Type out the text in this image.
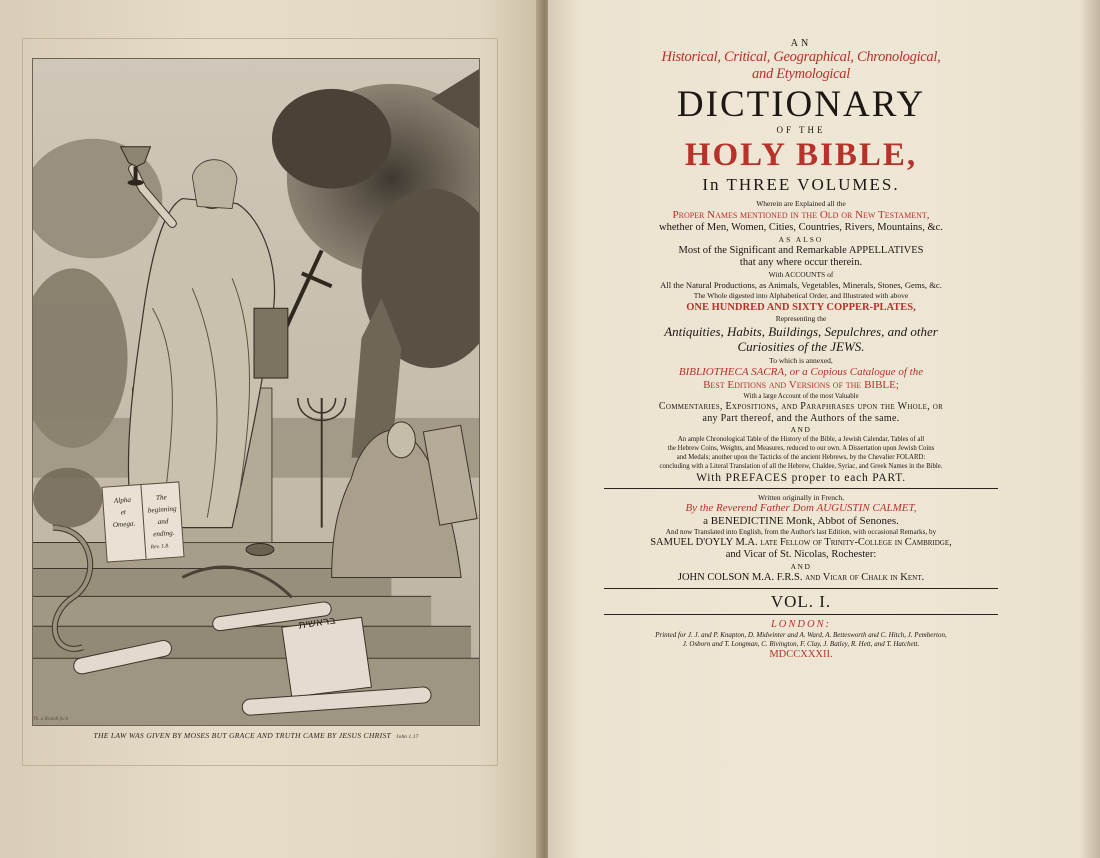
Alpha
et
Omega.
The
beginning
and
ending.
Rev. 1.8.
בראשית
Th. a Brandt fecit
THE LAW WAS GIVEN BY MOSES BUT GRACE AND TRUTH CAME BY JESUS CHRIST John 1.17
AN
Historical, Critical, Geographical, Chronological,
and Etymological
DICTIONARY
OF THE
HOLY BIBLE,
In THREE VOLUMES.
Wherein are Explained all the
Proper Names mentioned in the Old or New Testament,
whether of Men, Women, Cities, Countries, Rivers, Mountains, &c.
AS ALSO
Most of the Significant and Remarkable APPELLATIVES
that any where occur therein.
With ACCOUNTS of
All the Natural Productions, as Animals, Vegetables, Minerals, Stones, Gems, &c.
The Whole digested into Alphabetical Order, and Illustrated with above
ONE HUNDRED AND SIXTY COPPER-PLATES,
Representing the
Antiquities, Habits, Buildings, Sepulchres, and other
Curiosities of the JEWS.
To which is annexed,
BIBLIOTHECA SACRA, or a Copious Catalogue of the
Best Editions and Versions of the BIBLE;
With a large Account of the most Valuable
Commentaries, Expositions, and Paraphrases upon the Whole, or
any Part thereof, and the Authors of the same.
AND
An ample Chronological Table of the History of the Bible, a Jewish Calendar, Tables of all
the Hebrew Coins, Weights, and Measures, reduced to our own. A Dissertation upon Jewish Coins
and Medals; another upon the Tacticks of the ancient Hebrews, by the Chevalier FOLARD:
concluding with a Literal Translation of all the Hebrew, Chaldee, Syriac, and Greek Names in the Bible.
With PREFACES proper to each PART.
Written originally in French,
By the Reverend Father Dom AUGUSTIN CALMET,
a BENEDICTINE Monk, Abbot of Senones.
And now Translated into English, from the Author's last Edition, with occasional Remarks, by
SAMUEL D'OYLY M.A. late Fellow of Trinity-College in Cambridge,
and Vicar of St. Nicolas, Rochester:
AND
JOHN COLSON M.A. F.R.S. and Vicar of Chalk in Kent.
VOL. I.
LONDON:
Printed for J. J. and P. Knapton, D. Midwinter and A. Ward, A. Bettesworth and C. Hitch, J. Pemberton,
J. Osborn and T. Longman, C. Rivington, F. Clay, J. Batley, R. Hett, and T. Hatchett.
MDCCXXXII.
